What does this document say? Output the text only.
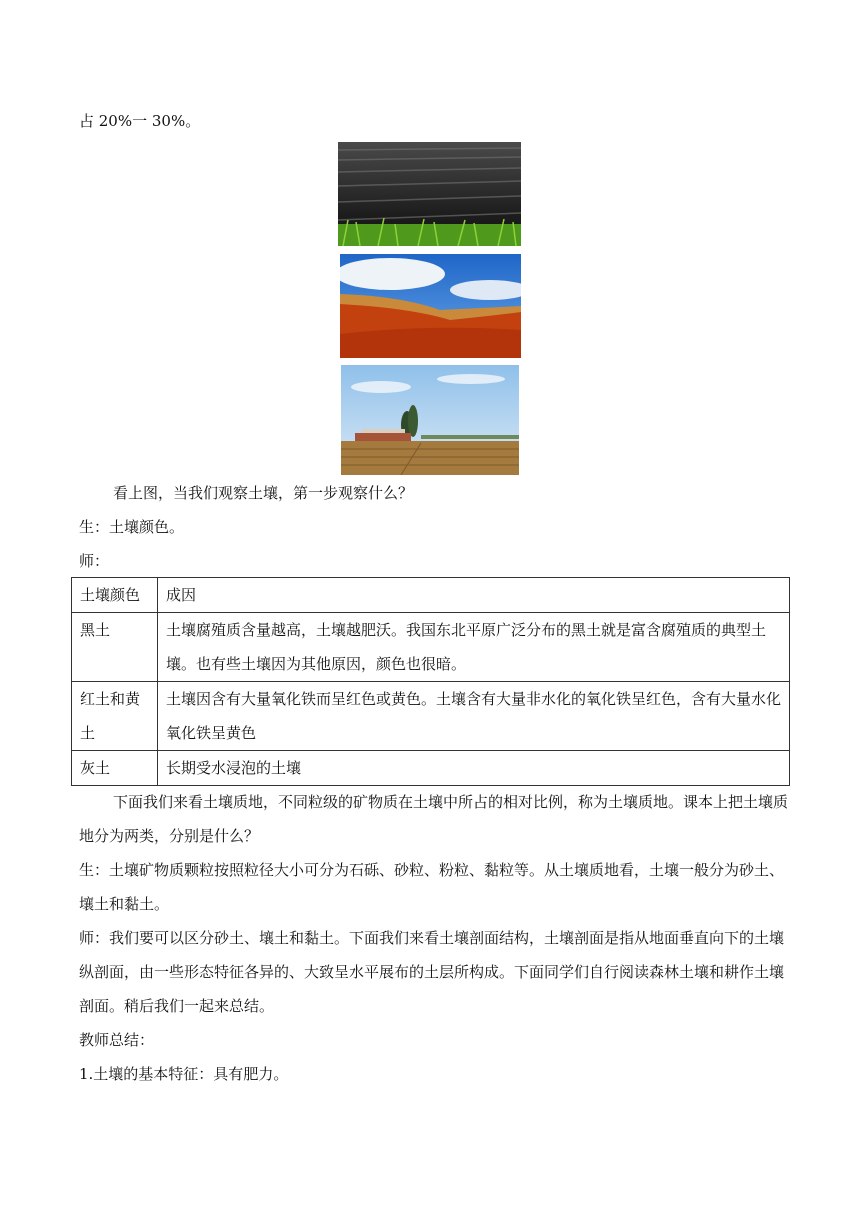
占 20%一 30%。

看上图，当我们观察土壤，第一步观察什么？

生：土壤颜色。

师：

土壤颜色	成因
黑土	土壤腐殖质含量越高，土壤越肥沃。我国东北平原广泛分布的黑土就是富含腐殖质的典型土壤。也有些土壤因为其他原因，颜色也很暗。
红土和黄土	土壤因含有大量氧化铁而呈红色或黄色。土壤含有大量非水化的氧化铁呈红色，含有大量水化氧化铁呈黄色
灰土	长期受水浸泡的土壤

下面我们来看土壤质地，不同粒级的矿物质在土壤中所占的相对比例，称为土壤质地。课本上把土壤质地分为两类，分别是什么？

生：土壤矿物质颗粒按照粒径大小可分为石砾、砂粒、粉粒、黏粒等。从土壤质地看，土壤一般分为砂土、壤土和黏土。

师：我们要可以区分砂土、壤土和黏土。下面我们来看土壤剖面结构，土壤剖面是指从地面垂直向下的土壤纵剖面，由一些形态特征各异的、大致呈水平展布的土层所构成。下面同学们自行阅读森林土壤和耕作土壤剖面。稍后我们一起来总结。

教师总结：

1.土壤的基本特征：具有肥力。
